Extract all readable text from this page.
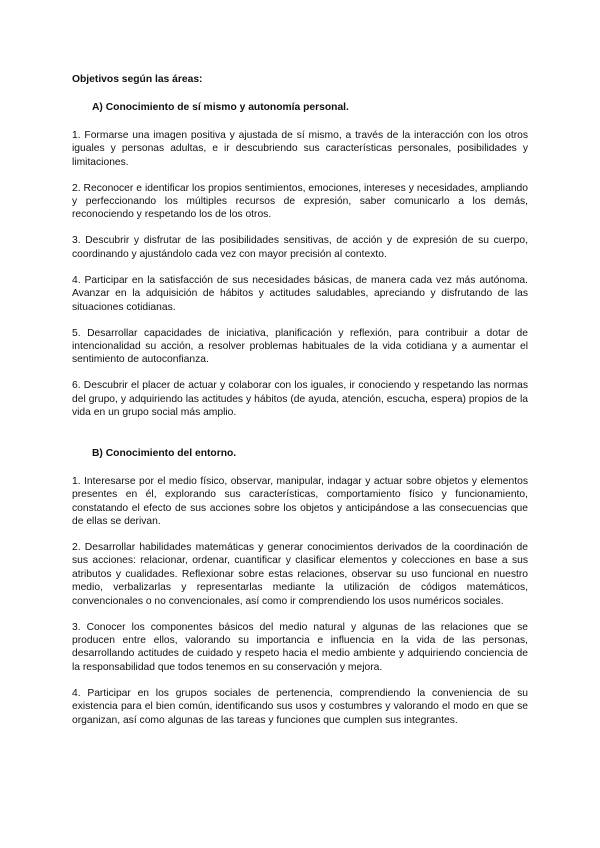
Objetivos según las áreas:
A) Conocimiento de sí mismo y autonomía personal.

1. Formarse una imagen positiva y ajustada de sí mismo, a través de la interacción con los otros iguales y personas adultas, e ir descubriendo sus características personales, posibilidades y limitaciones.

2. Reconocer e identificar los propios sentimientos, emociones, intereses y necesidades, ampliando y perfeccionando los múltiples recursos de expresión, saber comunicarlo a los demás, reconociendo y respetando los de los otros.

3. Descubrir y disfrutar de las posibilidades sensitivas, de acción y de expresión de su cuerpo, coordinando y ajustándolo cada vez con mayor precisión al contexto.

4. Participar en la satisfacción de sus necesidades básicas, de manera cada vez más autónoma. Avanzar en la adquisición de hábitos y actitudes saludables, apreciando y disfrutando de las situaciones cotidianas.

5. Desarrollar capacidades de iniciativa, planificación y reflexión, para contribuir a dotar de intencionalidad su acción, a resolver problemas habituales de la vida cotidiana y a aumentar el sentimiento de autoconfianza.

6. Descubrir el placer de actuar y colaborar con los iguales, ir conociendo y respetando las normas del grupo, y adquiriendo las actitudes y hábitos (de ayuda, atención, escucha, espera) propios de la vida en un grupo social más amplio.

B) Conocimiento del entorno.

1. Interesarse por el medio físico, observar, manipular, indagar y actuar sobre objetos y elementos presentes en él, explorando sus características, comportamiento físico y funcionamiento, constatando el efecto de sus acciones sobre los objetos y anticipándose a las consecuencias que de ellas se derivan.

2. Desarrollar habilidades matemáticas y generar conocimientos derivados de la coordinación de sus acciones: relacionar, ordenar, cuantificar y clasificar elementos y colecciones en base a sus atributos y cualidades. Reflexionar sobre estas relaciones, observar su uso funcional en nuestro medio, verbalizarlas y representarlas mediante la utilización de códigos matemáticos, convencionales o no convencionales, así como ir comprendiendo los usos numéricos sociales.

3. Conocer los componentes básicos del medio natural y algunas de las relaciones que se producen entre ellos, valorando su importancia e influencia en la vida de las personas, desarrollando actitudes de cuidado y respeto hacia el medio ambiente y adquiriendo conciencia de la responsabilidad que todos tenemos en su conservación y mejora.

4. Participar en los grupos sociales de pertenencia, comprendiendo la conveniencia de su existencia para el bien común, identificando sus usos y costumbres y valorando el modo en que se organizan, así como algunas de las tareas y funciones que cumplen sus integrantes.
